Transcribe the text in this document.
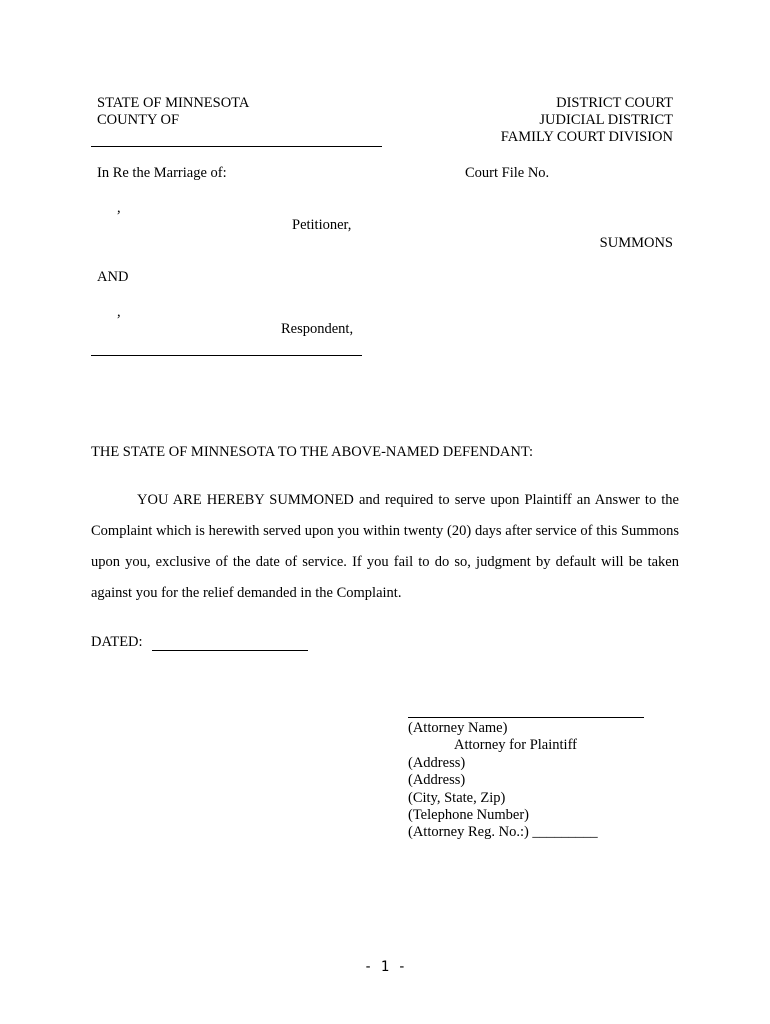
STATE OF MINNESOTA
COUNTY OF
DISTRICT COURT
JUDICIAL DISTRICT
FAMILY COURT DIVISION
In Re the Marriage of:	Court File No.
,
Petitioner,
SUMMONS
AND
,
Respondent,
THE STATE OF MINNESOTA TO THE ABOVE-NAMED DEFENDANT:
YOU ARE HEREBY SUMMONED and required to serve upon Plaintiff an Answer to the Complaint which is herewith served upon you within twenty (20) days after service of this Summons upon you, exclusive of the date of service. If you fail to do so, judgment by default will be taken against you for the relief demanded in the Complaint.
DATED:
(Attorney Name)
Attorney for Plaintiff
(Address)
(Address)
(City, State, Zip)
(Telephone Number)
(Attorney Reg. No.:) _________
- 1 -
